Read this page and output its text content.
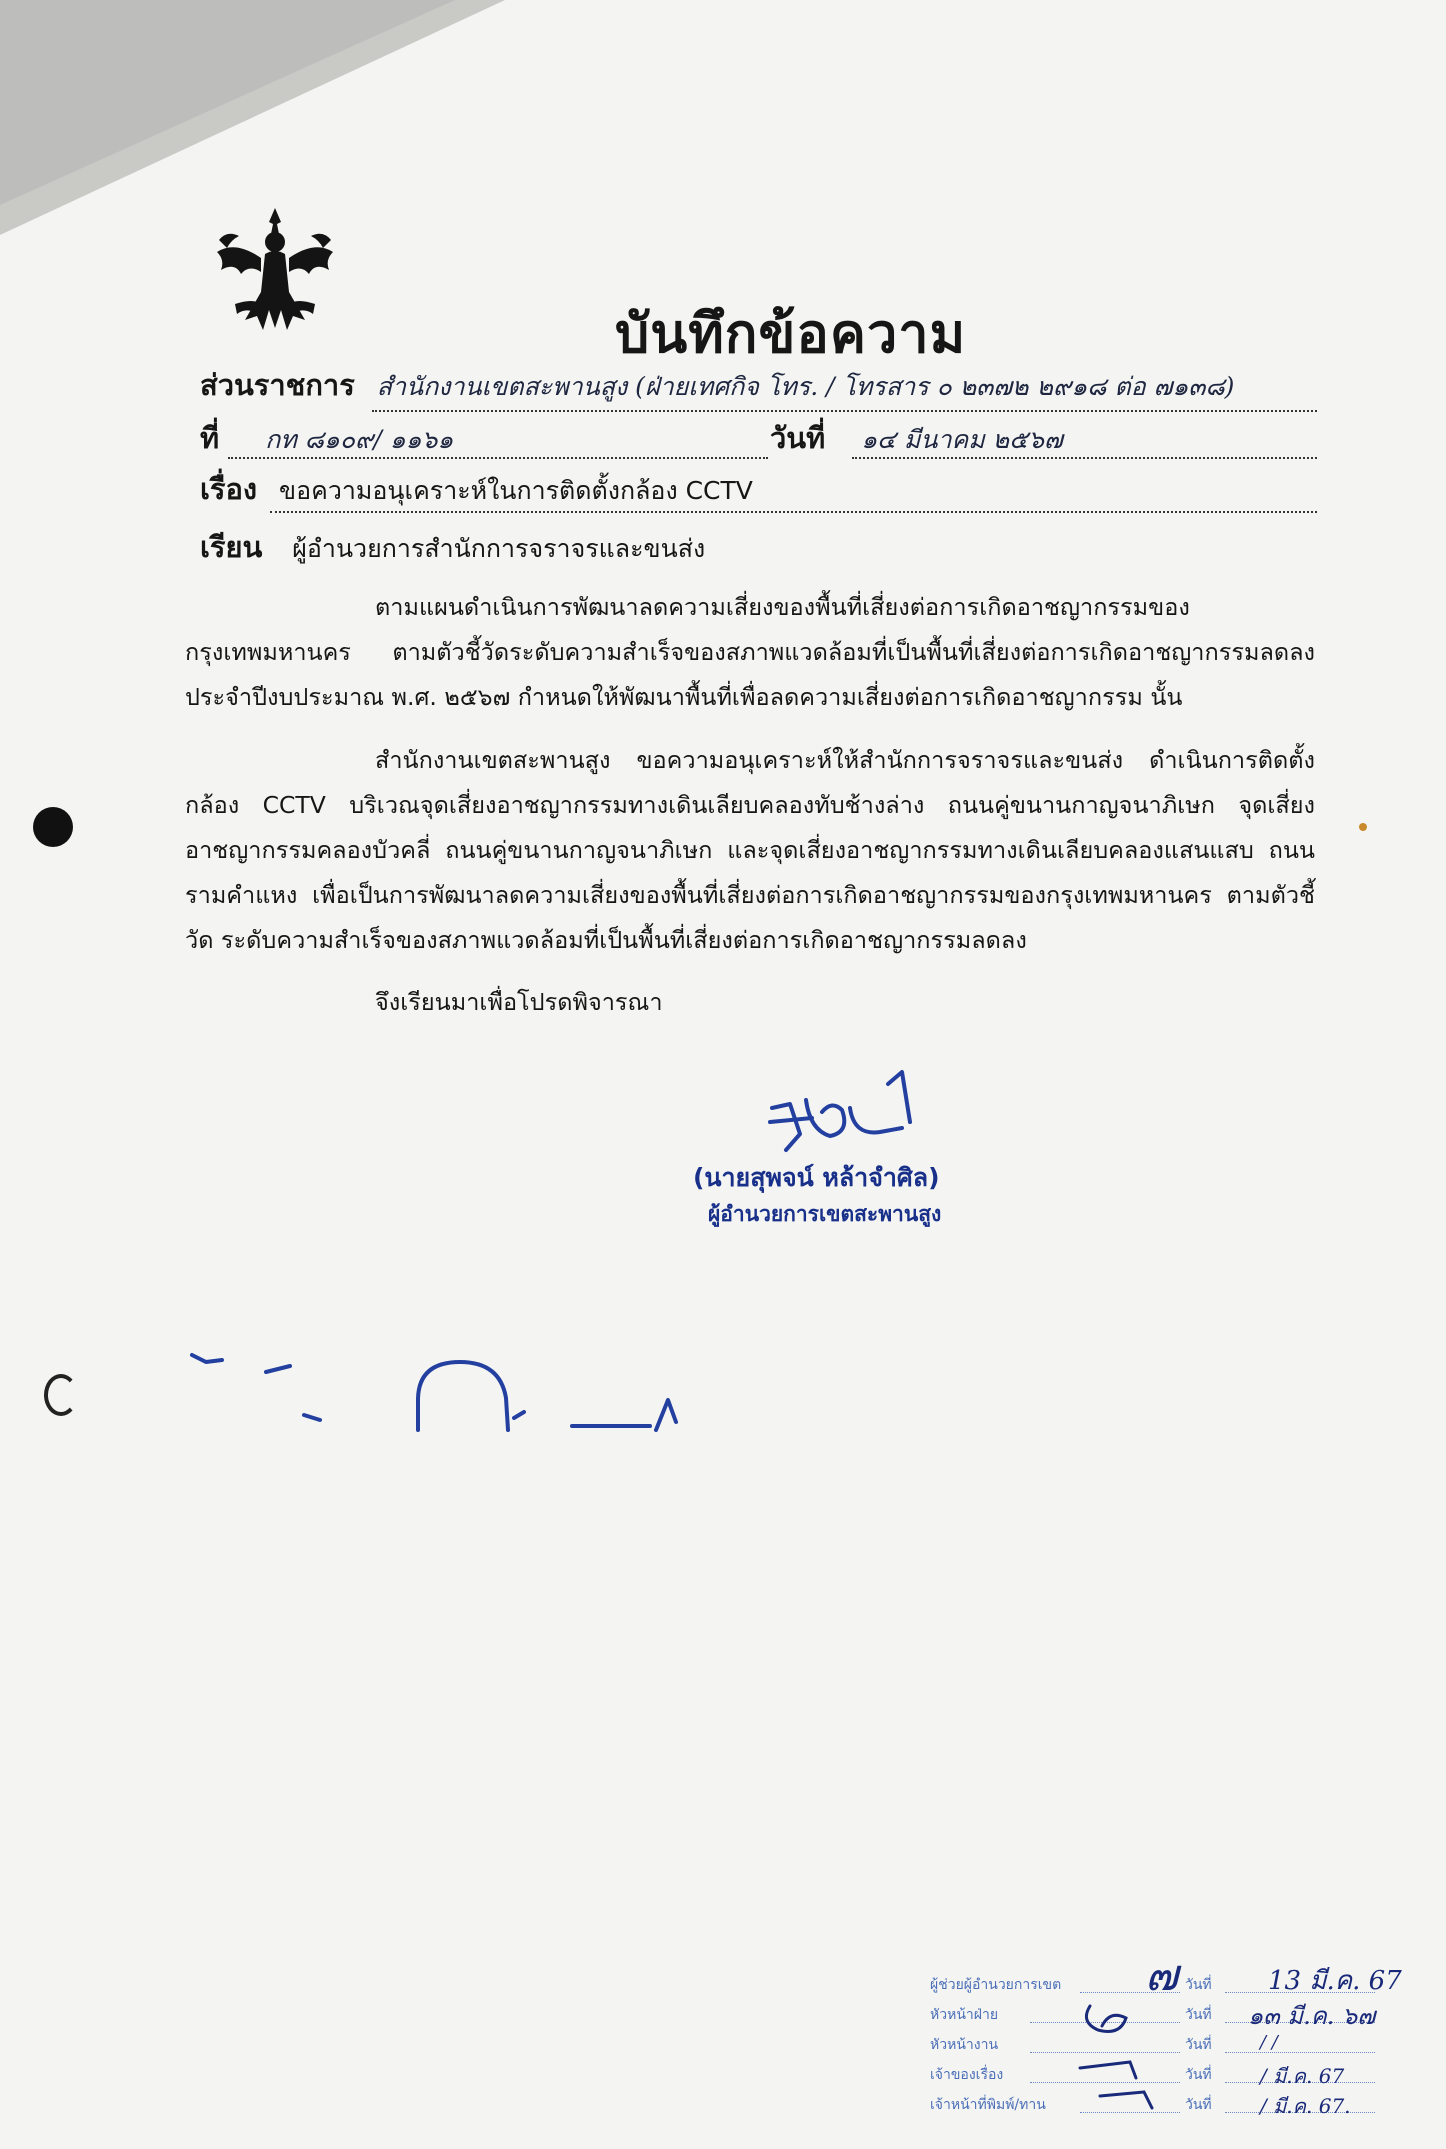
บันทึกข้อความ
ส่วนราชการ สำนักงานเขตสะพานสูง (ฝ่ายเทศกิจ โทร. / โทรสาร ๐ ๒๓๗๒ ๒๙๑๘ ต่อ ๗๑๓๘)
ที่ กท ๘๑๐๙/ ๑๑๖๑	วันที่ ๑๔ มีนาคม ๒๕๖๗
เรื่อง ขอความอนุเคราะห์ในการติดตั้งกล้อง CCTV
เรียน ผู้อำนวยการสำนักการจราจรและขนส่ง
ตามแผนดำเนินการพัฒนาลดความเสี่ยงของพื้นที่เสี่ยงต่อการเกิดอาชญากรรมของกรุงเทพมหานคร ตามตัวชี้วัดระดับความสำเร็จของสภาพแวดล้อมที่เป็นพื้นที่เสี่ยงต่อการเกิดอาชญากรรมลดลง ประจำปีงบประมาณ พ.ศ. ๒๕๖๗ กำหนดให้พัฒนาพื้นที่เพื่อลดความเสี่ยงต่อการเกิดอาชญากรรม นั้น
สำนักงานเขตสะพานสูง ขอความอนุเคราะห์ให้สำนักการจราจรและขนส่ง ดำเนินการติดตั้งกล้อง CCTV บริเวณจุดเสี่ยงอาชญากรรมทางเดินเลียบคลองทับช้างล่าง ถนนคู่ขนานกาญจนาภิเษก จุดเสี่ยงอาชญากรรมคลองบัวคลี่ ถนนคู่ขนานกาญจนาภิเษก และจุดเสี่ยงอาชญากรรมทางเดินเลียบคลองแสนแสบ ถนนรามคำแหง เพื่อเป็นการพัฒนาลดความเสี่ยงของพื้นที่เสี่ยงต่อการเกิดอาชญากรรมของกรุงเทพมหานคร ตามตัวชี้วัด ระดับความสำเร็จของสภาพแวดล้อมที่เป็นพื้นที่เสี่ยงต่อการเกิดอาชญากรรมลดลง
จึงเรียนมาเพื่อโปรดพิจารณา
(นายสุพจน์ หล้าจำศิล)
ผู้อำนวยการเขตสะพานสูง
ผู้ช่วยผู้อำนวยการเขต
หัวหน้าฝ่าย
หัวหน้างาน
เจ้าของเรื่อง
เจ้าหน้าที่พิมพ์/ทาน
วันที่
วันที่
วันที่
วันที่
วันที่
๗	13 มี.ค. 67
๑๓ มี.ค. ๖๗
/ /
/ มี.ค. 67
/ มี.ค. 67.
